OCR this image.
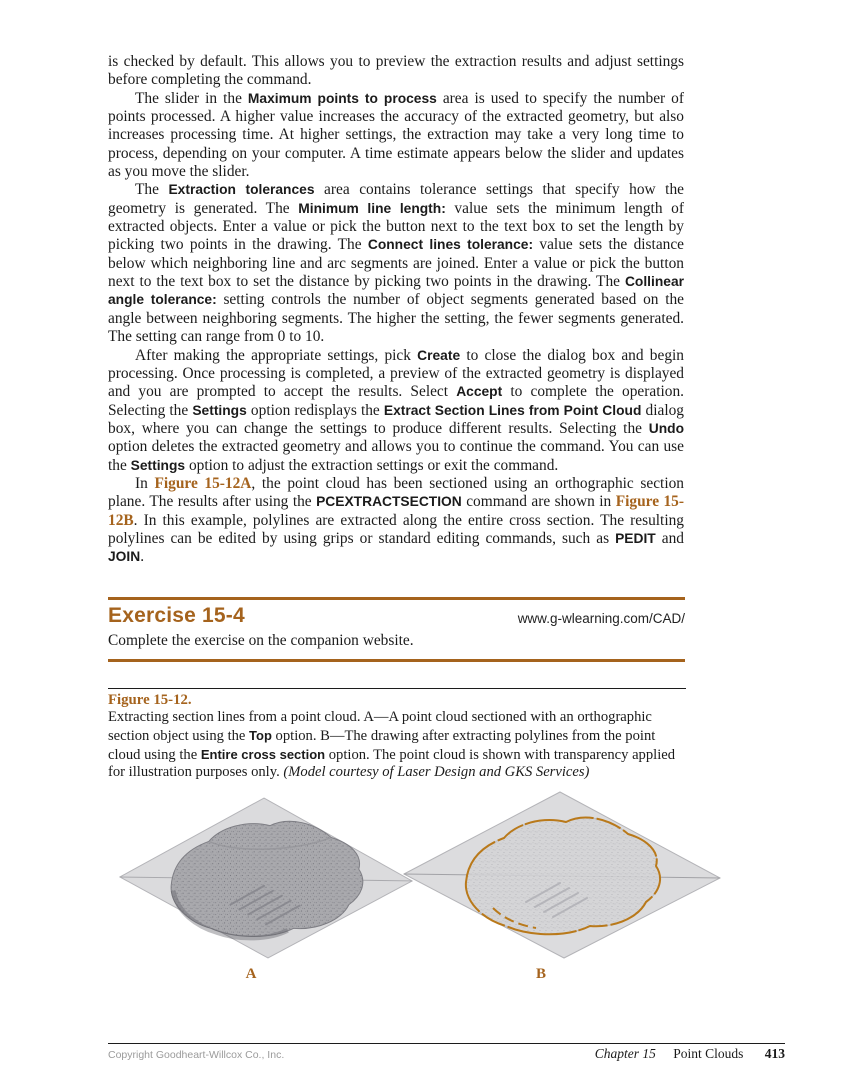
is checked by default. This allows you to preview the extraction results and adjust settings before completing the command.

The slider in the Maximum points to process area is used to specify the number of points processed. A higher value increases the accuracy of the extracted geometry, but also increases processing time. At higher settings, the extraction may take a very long time to process, depending on your computer. A time estimate appears below the slider and updates as you move the slider.

The Extraction tolerances area contains tolerance settings that specify how the geometry is generated. The Minimum line length: value sets the minimum length of extracted objects. Enter a value or pick the button next to the text box to set the length by picking two points in the drawing. The Connect lines tolerance: value sets the distance below which neighboring line and arc segments are joined. Enter a value or pick the button next to the text box to set the distance by picking two points in the drawing. The Collinear angle tolerance: setting controls the number of object segments generated based on the angle between neighboring segments. The higher the setting, the fewer segments generated. The setting can range from 0 to 10.

After making the appropriate settings, pick Create to close the dialog box and begin processing. Once processing is completed, a preview of the extracted geometry is displayed and you are prompted to accept the results. Select Accept to complete the operation. Selecting the Settings option redisplays the Extract Section Lines from Point Cloud dialog box, where you can change the settings to produce different results. Selecting the Undo option deletes the extracted geometry and allows you to continue the command. You can use the Settings option to adjust the extraction settings or exit the command.

In Figure 15-12A, the point cloud has been sectioned using an orthographic section plane. The results after using the PCEXTRACTSECTION command are shown in Figure 15-12B. In this example, polylines are extracted along the entire cross section. The resulting polylines can be edited by using grips or standard editing commands, such as PEDIT and JOIN.

Exercise 15-4	www.g-wlearning.com/CAD/
Complete the exercise on the companion website.
Figure 15-12.
Extracting section lines from a point cloud. A—A point cloud sectioned with an orthographic section object using the Top option. B—The drawing after extracting polylines from the point cloud using the Entire cross section option. The point cloud is shown with transparency applied for illustration purposes only. (Model courtesy of Laser Design and GKS Services)
A	B
Copyright Goodheart-Willcox Co., Inc.	Chapter 15 Point Clouds 413
